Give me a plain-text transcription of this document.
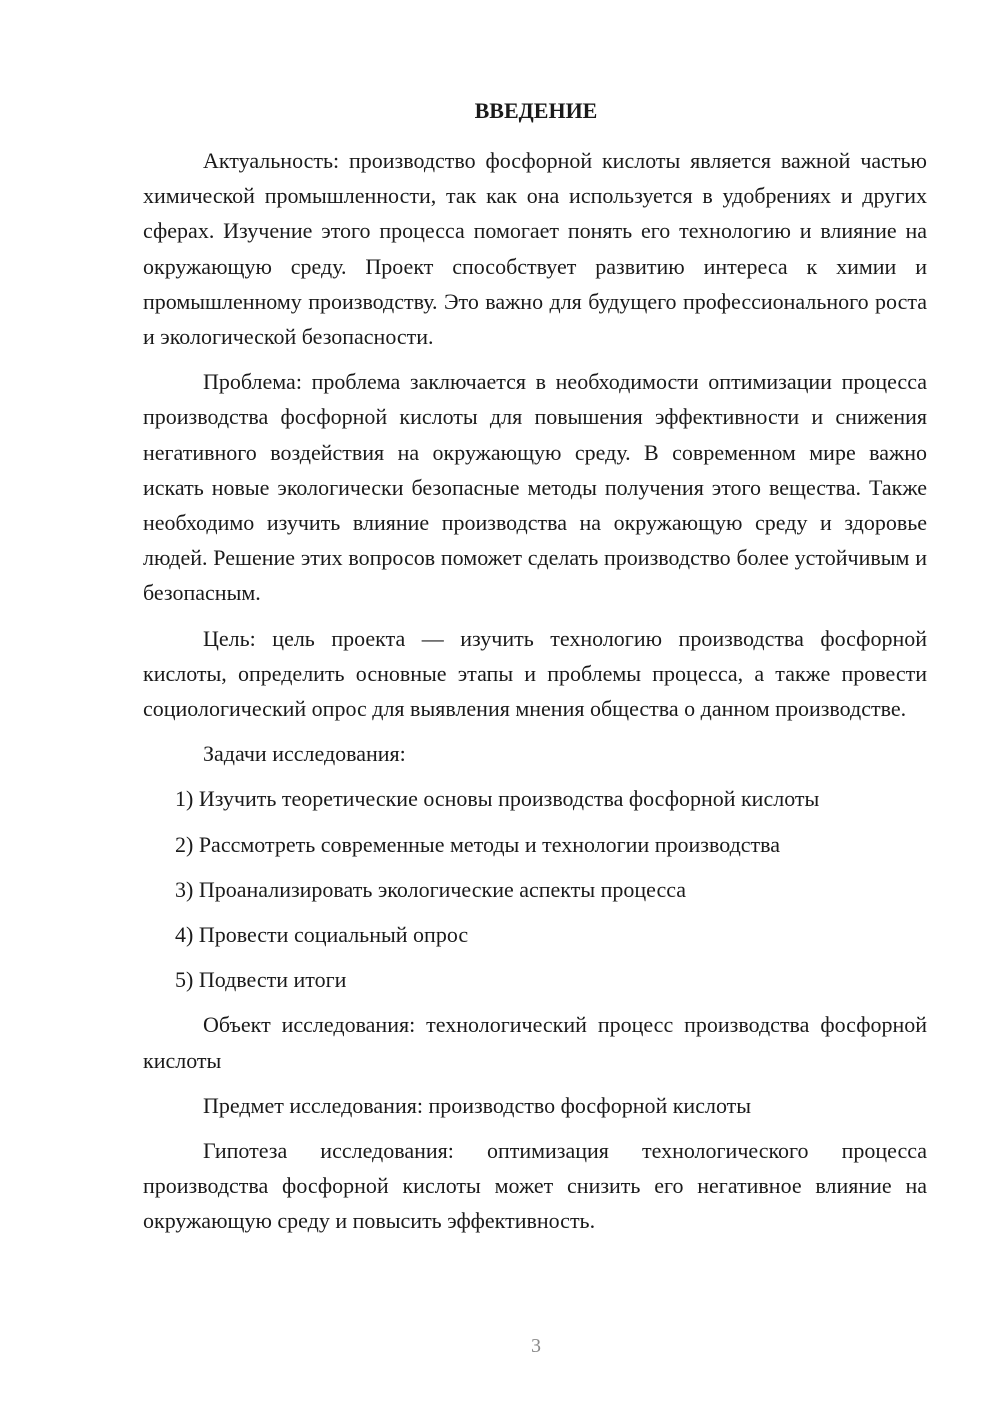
ВВЕДЕНИЕ

Актуальность: производство фосфорной кислоты является важной частью химической промышленности, так как она используется в удобрениях и других сферах. Изучение этого процесса помогает понять его технологию и влияние на окружающую среду. Проект способствует развитию интереса к химии и промышленному производству. Это важно для будущего профессионального роста и экологической безопасности.

Проблема: проблема заключается в необходимости оптимизации процесса производства фосфорной кислоты для повышения эффективности и снижения негативного воздействия на окружающую среду. В современном мире важно искать новые экологически безопасные методы получения этого вещества. Также необходимо изучить влияние производства на окружающую среду и здоровье людей. Решение этих вопросов поможет сделать производство более устойчивым и безопасным.

Цель: цель проекта — изучить технологию производства фосфорной кислоты, определить основные этапы и проблемы процесса, а также провести социологический опрос для выявления мнения общества о данном производстве.

Задачи исследования:

1) Изучить теоретические основы производства фосфорной кислоты

2) Рассмотреть современные методы и технологии производства

3) Проанализировать экологические аспекты процесса

4) Провести социальный опрос

5) Подвести итоги

Объект исследования: технологический процесс производства фосфорной кислоты

Предмет исследования: производство фосфорной кислоты

Гипотеза исследования: оптимизация технологического процесса производства фосфорной кислоты может снизить его негативное влияние на окружающую среду и повысить эффективность.

3
